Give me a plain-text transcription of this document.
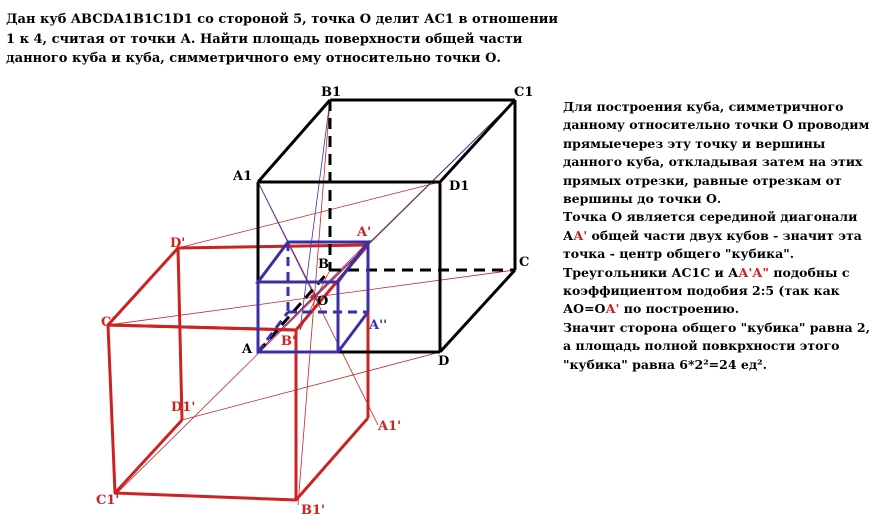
Дан куб ABCDA1B1C1D1 со стороной 5, точка О делит АС1 в отношении
1 к 4, считая от точки А. Найти площадь поверхности общей части
данного куба и куба, симметричного ему относительно точки О.
Для построения куба, симметричного
данному относительно точки О проводим
прямыечерез эту точку и вершины
данного куба, откладывая затем на этих
прямых отрезки, равные отрезкам от
вершины до точки О.
Точка О является серединой диагонали
АА' общей части двух кубов - значит эта
точка - центр общего "кубика".
Треугольники АС1С и АА'А" подобны с
коэффициентом подобия 2:5 (так как
АО=ОА' по построению.
Значит сторона общего "кубика" равна 2,
а площадь полной повкрхности этого
"кубика" равна 6*2²=24 ед².
B1	C1
A1
D1
B	C
A
D
O
A'
A''
D'
C'
D1'
C1'
B1'
A1'
B'
